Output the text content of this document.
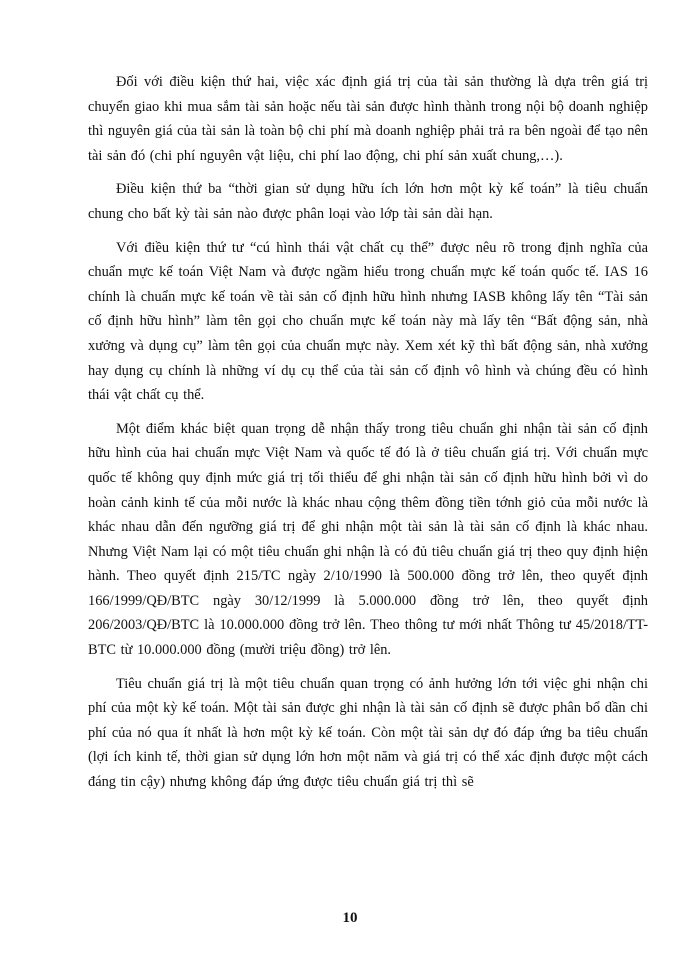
Đối với điều kiện thứ hai, việc xác định giá trị của tài sản thường là dựa trên giá trị chuyển giao khi mua sắm tài sản hoặc nếu tài sản được hình thành trong nội bộ doanh nghiệp thì nguyên giá của tài sản là toàn bộ chi phí mà doanh nghiệp phải trả ra bên ngoài để tạo nên tài sản đó (chi phí nguyên vật liệu, chi phí lao động, chi phí sản xuất chung,…).

Điều kiện thứ ba “thời gian sử dụng hữu ích lớn hơn một kỳ kế toán” là tiêu chuẩn chung cho bất kỳ tài sản nào được phân loại vào lớp tài sản dài hạn.

Với điều kiện thứ tư “cú hình thái vật chất cụ thể” được nêu rõ trong định nghĩa của chuẩn mực kế toán Việt Nam và được ngầm hiểu trong chuẩn mực kế toán quốc tế. IAS 16 chính là chuẩn mực kế toán về tài sản cố định hữu hình nhưng IASB không lấy tên “Tài sản cố định hữu hình” làm tên gọi cho chuẩn mực kế toán này mà lấy tên “Bất động sản, nhà xưởng và dụng cụ” làm tên gọi của chuẩn mực này. Xem xét kỹ thì bất động sản, nhà xưởng hay dụng cụ chính là những ví dụ cụ thể của tài sản cố định vô hình và chúng đều có hình thái vật chất cụ thể.

Một điểm khác biệt quan trọng dễ nhận thấy trong tiêu chuẩn ghi nhận tài sản cố định hữu hình của hai chuẩn mực Việt Nam và quốc tế đó là ở tiêu chuẩn giá trị. Với chuẩn mực quốc tế không quy định mức giá trị tối thiểu để ghi nhận tài sản cố định hữu hình bởi vì do hoàn cảnh kinh tế của mỗi nước là khác nhau cộng thêm đồng tiền tớnh giỏ của mỗi nước là khác nhau dẫn đến ngưỡng giá trị để ghi nhận một tài sản là tài sản cố định là khác nhau. Nhưng Việt Nam lại có một tiêu chuẩn ghi nhận là có đủ tiêu chuẩn giá trị theo quy định hiện hành. Theo quyết định 215/TC ngày 2/10/1990 là 500.000 đồng trở lên, theo quyết định 166/1999/QĐ/BTC ngày 30/12/1999 là 5.000.000 đồng trở lên, theo quyết định 206/2003/QĐ/BTC là 10.000.000 đồng trở lên. Theo thông tư mới nhất Thông tư 45/2018/TT-BTC từ 10.000.000 đồng (mười triệu đồng) trở lên.

Tiêu chuẩn giá trị là một tiêu chuẩn quan trọng có ảnh hưởng lớn tới việc ghi nhận chi phí của một kỳ kế toán. Một tài sản được ghi nhận là tài sản cố định sẽ được phân bổ dần chi phí của nó qua ít nhất là hơn một kỳ kế toán. Còn một tài sản dự đó đáp ứng ba tiêu chuẩn (lợi ích kinh tế, thời gian sử dụng lớn hơn một năm và giá trị có thể xác định được một cách đáng tin cậy) nhưng không đáp ứng được tiêu chuẩn giá trị thì sẽ

10
